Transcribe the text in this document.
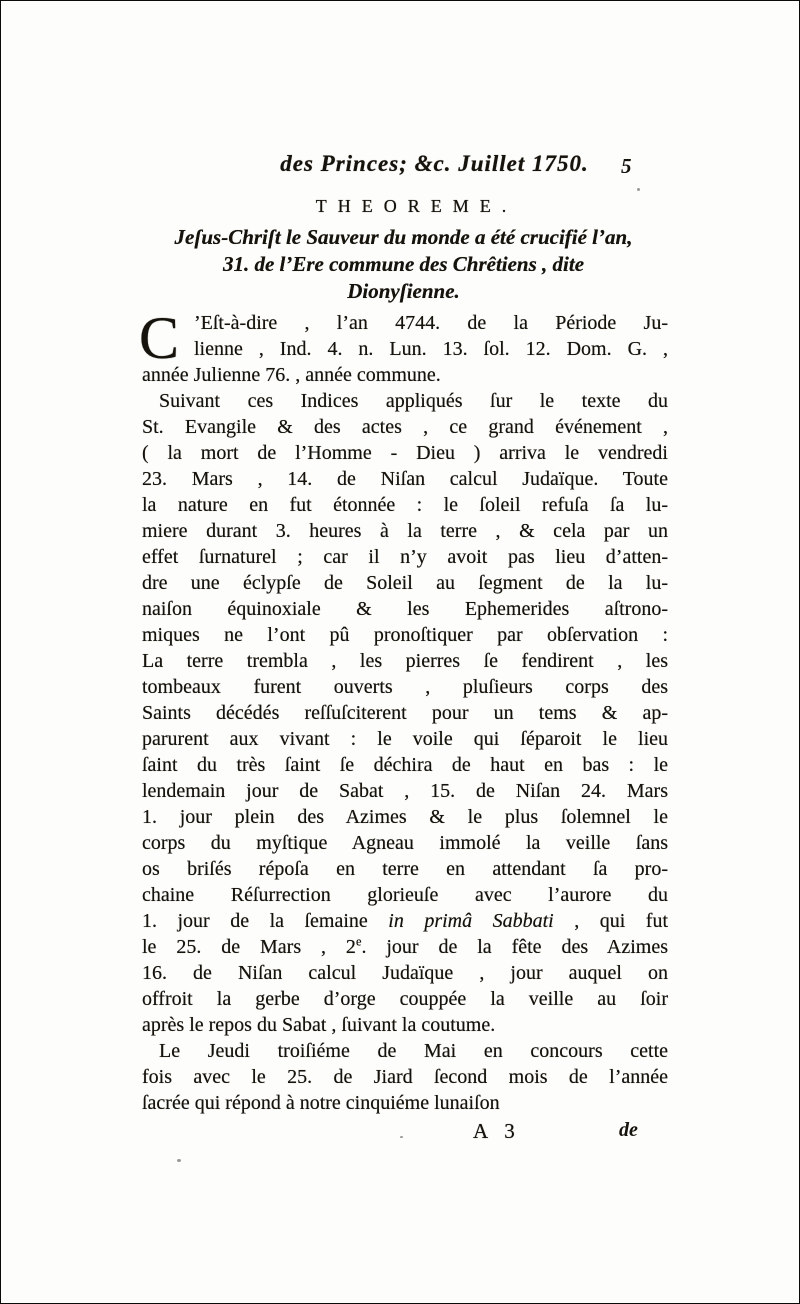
des Princes; &c. Juillet 1750.	5
THEOREME.
Jeſus-Chriſt le Sauveur du monde a été crucifié l’an,
31. de l’Ere commune des Chrêtiens , dite
Dionyſienne.
C ’Eſt-à-dire , l’an 4744. de la Période Ju-
lienne , Ind. 4. n. Lun. 13. ſol. 12. Dom. G. ,
année Julienne 76. , année commune.
Suivant ces Indices appliqués ſur le texte du
St. Evangile & des actes , ce grand événement ,
( la mort de l’Homme - Dieu ) arriva le vendredi
23. Mars , 14. de Niſan calcul Judaïque. Toute
la nature en fut étonnée : le ſoleil refuſa ſa lu-
miere durant 3. heures à la terre , & cela par un
effet ſurnaturel ; car il n’y avoit pas lieu d’atten-
dre une éclypſe de Soleil au ſegment de la lu-
naiſon équinoxiale & les Ephemerides aſtrono-
miques ne l’ont pû pronoſtiquer par obſervation :
La terre trembla , les pierres ſe fendirent , les
tombeaux furent ouverts , pluſieurs corps des
Saints décédés reſſuſciterent pour un tems & ap-
parurent aux vivant : le voile qui ſéparoit le lieu
ſaint du très ſaint ſe déchira de haut en bas : le
lendemain jour de Sabat , 15. de Niſan 24. Mars
1. jour plein des Azimes & le plus ſolemnel le
corps du myſtique Agneau immolé la veille ſans
os briſés répoſa en terre en attendant ſa pro-
chaine Réſurrection glorieuſe avec l’aurore du
1. jour de la ſemaine in primâ Sabbati , qui fut
le 25. de Mars , 2e. jour de la fête des Azimes
16. de Niſan calcul Judaïque , jour auquel on
offroit la gerbe d’orge couppée la veille au ſoir
après le repos du Sabat , ſuivant la coutume.
Le Jeudi troiſiéme de Mai en concours cette
fois avec le 25. de Jiard ſecond mois de l’année
ſacrée qui répond à notre cinquiéme lunaiſon
A 3	de
